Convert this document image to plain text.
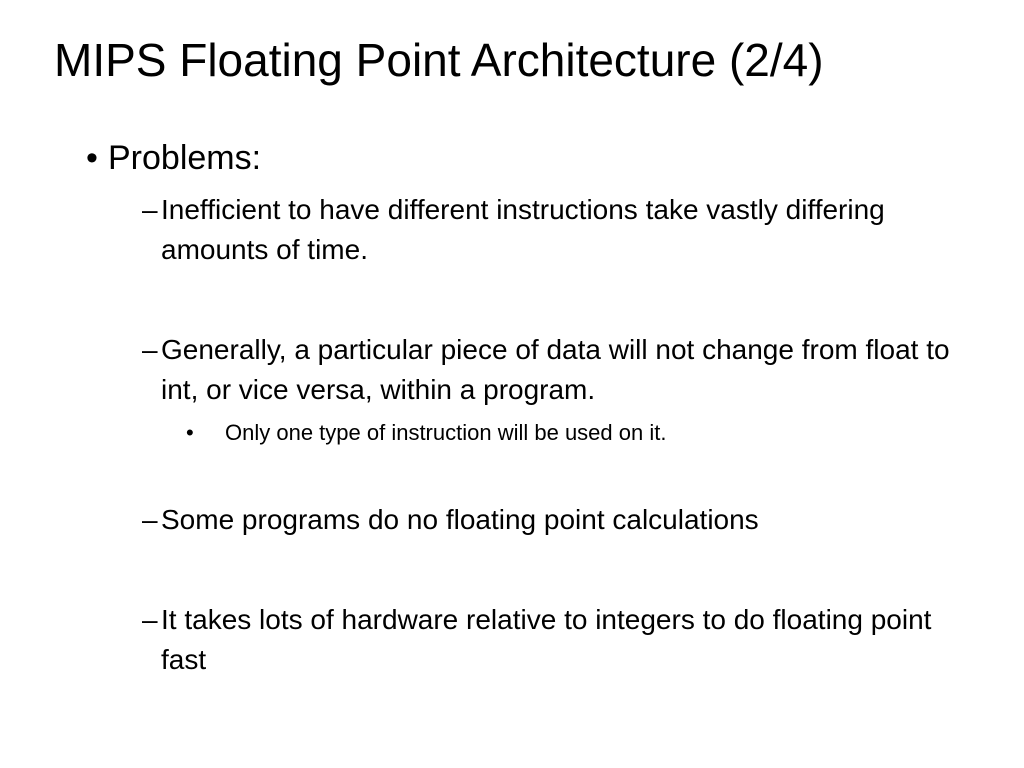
MIPS Floating Point Architecture (2/4)
• Problems:
– Inefficient to have different instructions take vastly differing amounts of time.
– Generally, a particular piece of data will not change from float to int, or vice versa, within a program.
• Only one type of instruction will be used on it.
– Some programs do no floating point calculations
– It takes lots of hardware relative to integers to do floating point fast
